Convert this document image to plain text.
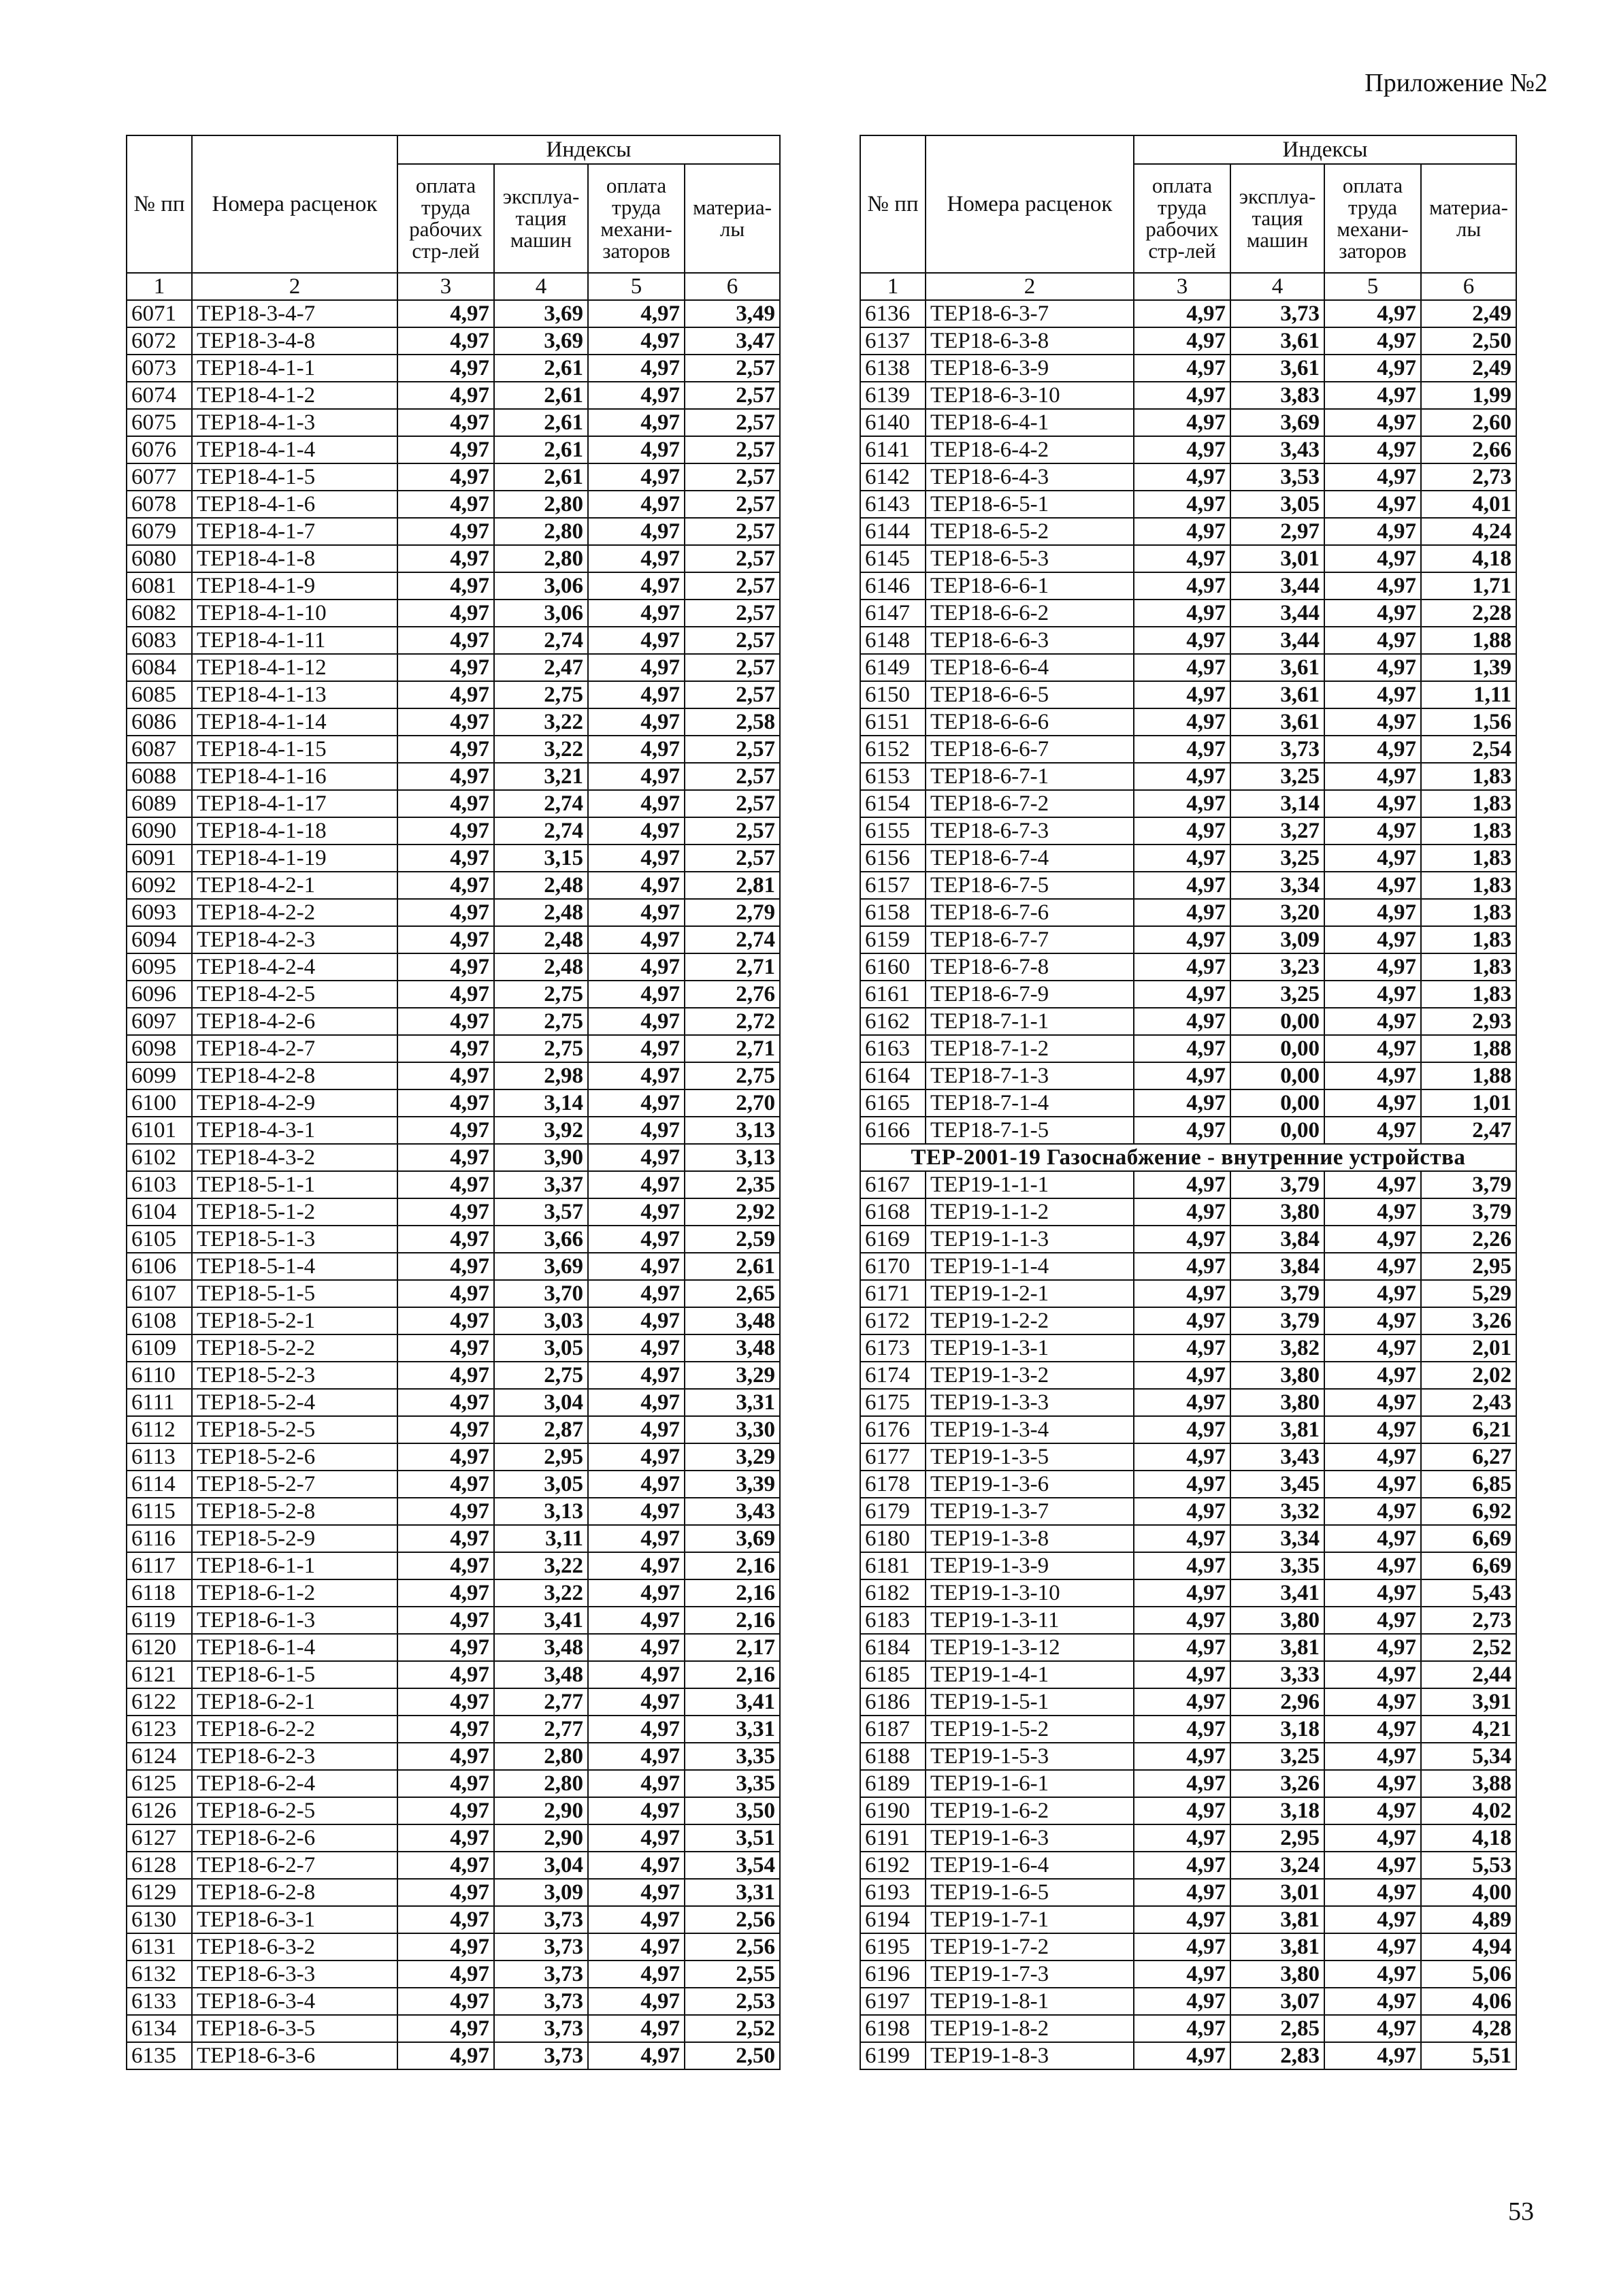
Приложение №2
№ пп	Номера расценок	Индексы			
		оплата труда рабочих стр-лей	эксплуа-тация машин	оплата труда механи-заторов	материа-лы
1	2	3	4	5	6
6071	ТЕР18-3-4-7	4,97	3,69	4,97	3,49
6072	ТЕР18-3-4-8	4,97	3,69	4,97	3,47
6073	ТЕР18-4-1-1	4,97	2,61	4,97	2,57
6074	ТЕР18-4-1-2	4,97	2,61	4,97	2,57
6075	ТЕР18-4-1-3	4,97	2,61	4,97	2,57
6076	ТЕР18-4-1-4	4,97	2,61	4,97	2,57
6077	ТЕР18-4-1-5	4,97	2,61	4,97	2,57
6078	ТЕР18-4-1-6	4,97	2,80	4,97	2,57
6079	ТЕР18-4-1-7	4,97	2,80	4,97	2,57
6080	ТЕР18-4-1-8	4,97	2,80	4,97	2,57
6081	ТЕР18-4-1-9	4,97	3,06	4,97	2,57
6082	ТЕР18-4-1-10	4,97	3,06	4,97	2,57
6083	ТЕР18-4-1-11	4,97	2,74	4,97	2,57
6084	ТЕР18-4-1-12	4,97	2,47	4,97	2,57
6085	ТЕР18-4-1-13	4,97	2,75	4,97	2,57
6086	ТЕР18-4-1-14	4,97	3,22	4,97	2,58
6087	ТЕР18-4-1-15	4,97	3,22	4,97	2,57
6088	ТЕР18-4-1-16	4,97	3,21	4,97	2,57
6089	ТЕР18-4-1-17	4,97	2,74	4,97	2,57
6090	ТЕР18-4-1-18	4,97	2,74	4,97	2,57
6091	ТЕР18-4-1-19	4,97	3,15	4,97	2,57
6092	ТЕР18-4-2-1	4,97	2,48	4,97	2,81
6093	ТЕР18-4-2-2	4,97	2,48	4,97	2,79
6094	ТЕР18-4-2-3	4,97	2,48	4,97	2,74
6095	ТЕР18-4-2-4	4,97	2,48	4,97	2,71
6096	ТЕР18-4-2-5	4,97	2,75	4,97	2,76
6097	ТЕР18-4-2-6	4,97	2,75	4,97	2,72
6098	ТЕР18-4-2-7	4,97	2,75	4,97	2,71
6099	ТЕР18-4-2-8	4,97	2,98	4,97	2,75
6100	ТЕР18-4-2-9	4,97	3,14	4,97	2,70
6101	ТЕР18-4-3-1	4,97	3,92	4,97	3,13
6102	ТЕР18-4-3-2	4,97	3,90	4,97	3,13
6103	ТЕР18-5-1-1	4,97	3,37	4,97	2,35
6104	ТЕР18-5-1-2	4,97	3,57	4,97	2,92
6105	ТЕР18-5-1-3	4,97	3,66	4,97	2,59
6106	ТЕР18-5-1-4	4,97	3,69	4,97	2,61
6107	ТЕР18-5-1-5	4,97	3,70	4,97	2,65
6108	ТЕР18-5-2-1	4,97	3,03	4,97	3,48
6109	ТЕР18-5-2-2	4,97	3,05	4,97	3,48
6110	ТЕР18-5-2-3	4,97	2,75	4,97	3,29
6111	ТЕР18-5-2-4	4,97	3,04	4,97	3,31
6112	ТЕР18-5-2-5	4,97	2,87	4,97	3,30
6113	ТЕР18-5-2-6	4,97	2,95	4,97	3,29
6114	ТЕР18-5-2-7	4,97	3,05	4,97	3,39
6115	ТЕР18-5-2-8	4,97	3,13	4,97	3,43
6116	ТЕР18-5-2-9	4,97	3,11	4,97	3,69
6117	ТЕР18-6-1-1	4,97	3,22	4,97	2,16
6118	ТЕР18-6-1-2	4,97	3,22	4,97	2,16
6119	ТЕР18-6-1-3	4,97	3,41	4,97	2,16
6120	ТЕР18-6-1-4	4,97	3,48	4,97	2,17
6121	ТЕР18-6-1-5	4,97	3,48	4,97	2,16
6122	ТЕР18-6-2-1	4,97	2,77	4,97	3,41
6123	ТЕР18-6-2-2	4,97	2,77	4,97	3,31
6124	ТЕР18-6-2-3	4,97	2,80	4,97	3,35
6125	ТЕР18-6-2-4	4,97	2,80	4,97	3,35
6126	ТЕР18-6-2-5	4,97	2,90	4,97	3,50
6127	ТЕР18-6-2-6	4,97	2,90	4,97	3,51
6128	ТЕР18-6-2-7	4,97	3,04	4,97	3,54
6129	ТЕР18-6-2-8	4,97	3,09	4,97	3,31
6130	ТЕР18-6-3-1	4,97	3,73	4,97	2,56
6131	ТЕР18-6-3-2	4,97	3,73	4,97	2,56
6132	ТЕР18-6-3-3	4,97	3,73	4,97	2,55
6133	ТЕР18-6-3-4	4,97	3,73	4,97	2,53
6134	ТЕР18-6-3-5	4,97	3,73	4,97	2,52
6135	ТЕР18-6-3-6	4,97	3,73	4,97	2,50
№ пп	Номера расценок	Индексы			
		оплата труда рабочих стр-лей	эксплуа-тация машин	оплата труда механи-заторов	материа-лы
1	2	3	4	5	6
6136	ТЕР18-6-3-7	4,97	3,73	4,97	2,49
6137	ТЕР18-6-3-8	4,97	3,61	4,97	2,50
6138	ТЕР18-6-3-9	4,97	3,61	4,97	2,49
6139	ТЕР18-6-3-10	4,97	3,83	4,97	1,99
6140	ТЕР18-6-4-1	4,97	3,69	4,97	2,60
6141	ТЕР18-6-4-2	4,97	3,43	4,97	2,66
6142	ТЕР18-6-4-3	4,97	3,53	4,97	2,73
6143	ТЕР18-6-5-1	4,97	3,05	4,97	4,01
6144	ТЕР18-6-5-2	4,97	2,97	4,97	4,24
6145	ТЕР18-6-5-3	4,97	3,01	4,97	4,18
6146	ТЕР18-6-6-1	4,97	3,44	4,97	1,71
6147	ТЕР18-6-6-2	4,97	3,44	4,97	2,28
6148	ТЕР18-6-6-3	4,97	3,44	4,97	1,88
6149	ТЕР18-6-6-4	4,97	3,61	4,97	1,39
6150	ТЕР18-6-6-5	4,97	3,61	4,97	1,11
6151	ТЕР18-6-6-6	4,97	3,61	4,97	1,56
6152	ТЕР18-6-6-7	4,97	3,73	4,97	2,54
6153	ТЕР18-6-7-1	4,97	3,25	4,97	1,83
6154	ТЕР18-6-7-2	4,97	3,14	4,97	1,83
6155	ТЕР18-6-7-3	4,97	3,27	4,97	1,83
6156	ТЕР18-6-7-4	4,97	3,25	4,97	1,83
6157	ТЕР18-6-7-5	4,97	3,34	4,97	1,83
6158	ТЕР18-6-7-6	4,97	3,20	4,97	1,83
6159	ТЕР18-6-7-7	4,97	3,09	4,97	1,83
6160	ТЕР18-6-7-8	4,97	3,23	4,97	1,83
6161	ТЕР18-6-7-9	4,97	3,25	4,97	1,83
6162	ТЕР18-7-1-1	4,97	0,00	4,97	2,93
6163	ТЕР18-7-1-2	4,97	0,00	4,97	1,88
6164	ТЕР18-7-1-3	4,97	0,00	4,97	1,88
6165	ТЕР18-7-1-4	4,97	0,00	4,97	1,01
6166	ТЕР18-7-1-5	4,97	0,00	4,97	2,47
ТЕР-2001-19 Газоснабжение - внутренние устройства					
6167	ТЕР19-1-1-1	4,97	3,79	4,97	3,79
6168	ТЕР19-1-1-2	4,97	3,80	4,97	3,79
6169	ТЕР19-1-1-3	4,97	3,84	4,97	2,26
6170	ТЕР19-1-1-4	4,97	3,84	4,97	2,95
6171	ТЕР19-1-2-1	4,97	3,79	4,97	5,29
6172	ТЕР19-1-2-2	4,97	3,79	4,97	3,26
6173	ТЕР19-1-3-1	4,97	3,82	4,97	2,01
6174	ТЕР19-1-3-2	4,97	3,80	4,97	2,02
6175	ТЕР19-1-3-3	4,97	3,80	4,97	2,43
6176	ТЕР19-1-3-4	4,97	3,81	4,97	6,21
6177	ТЕР19-1-3-5	4,97	3,43	4,97	6,27
6178	ТЕР19-1-3-6	4,97	3,45	4,97	6,85
6179	ТЕР19-1-3-7	4,97	3,32	4,97	6,92
6180	ТЕР19-1-3-8	4,97	3,34	4,97	6,69
6181	ТЕР19-1-3-9	4,97	3,35	4,97	6,69
6182	ТЕР19-1-3-10	4,97	3,41	4,97	5,43
6183	ТЕР19-1-3-11	4,97	3,80	4,97	2,73
6184	ТЕР19-1-3-12	4,97	3,81	4,97	2,52
6185	ТЕР19-1-4-1	4,97	3,33	4,97	2,44
6186	ТЕР19-1-5-1	4,97	2,96	4,97	3,91
6187	ТЕР19-1-5-2	4,97	3,18	4,97	4,21
6188	ТЕР19-1-5-3	4,97	3,25	4,97	5,34
6189	ТЕР19-1-6-1	4,97	3,26	4,97	3,88
6190	ТЕР19-1-6-2	4,97	3,18	4,97	4,02
6191	ТЕР19-1-6-3	4,97	2,95	4,97	4,18
6192	ТЕР19-1-6-4	4,97	3,24	4,97	5,53
6193	ТЕР19-1-6-5	4,97	3,01	4,97	4,00
6194	ТЕР19-1-7-1	4,97	3,81	4,97	4,89
6195	ТЕР19-1-7-2	4,97	3,81	4,97	4,94
6196	ТЕР19-1-7-3	4,97	3,80	4,97	5,06
6197	ТЕР19-1-8-1	4,97	3,07	4,97	4,06
6198	ТЕР19-1-8-2	4,97	2,85	4,97	4,28
6199	ТЕР19-1-8-3	4,97	2,83	4,97	5,51
53
